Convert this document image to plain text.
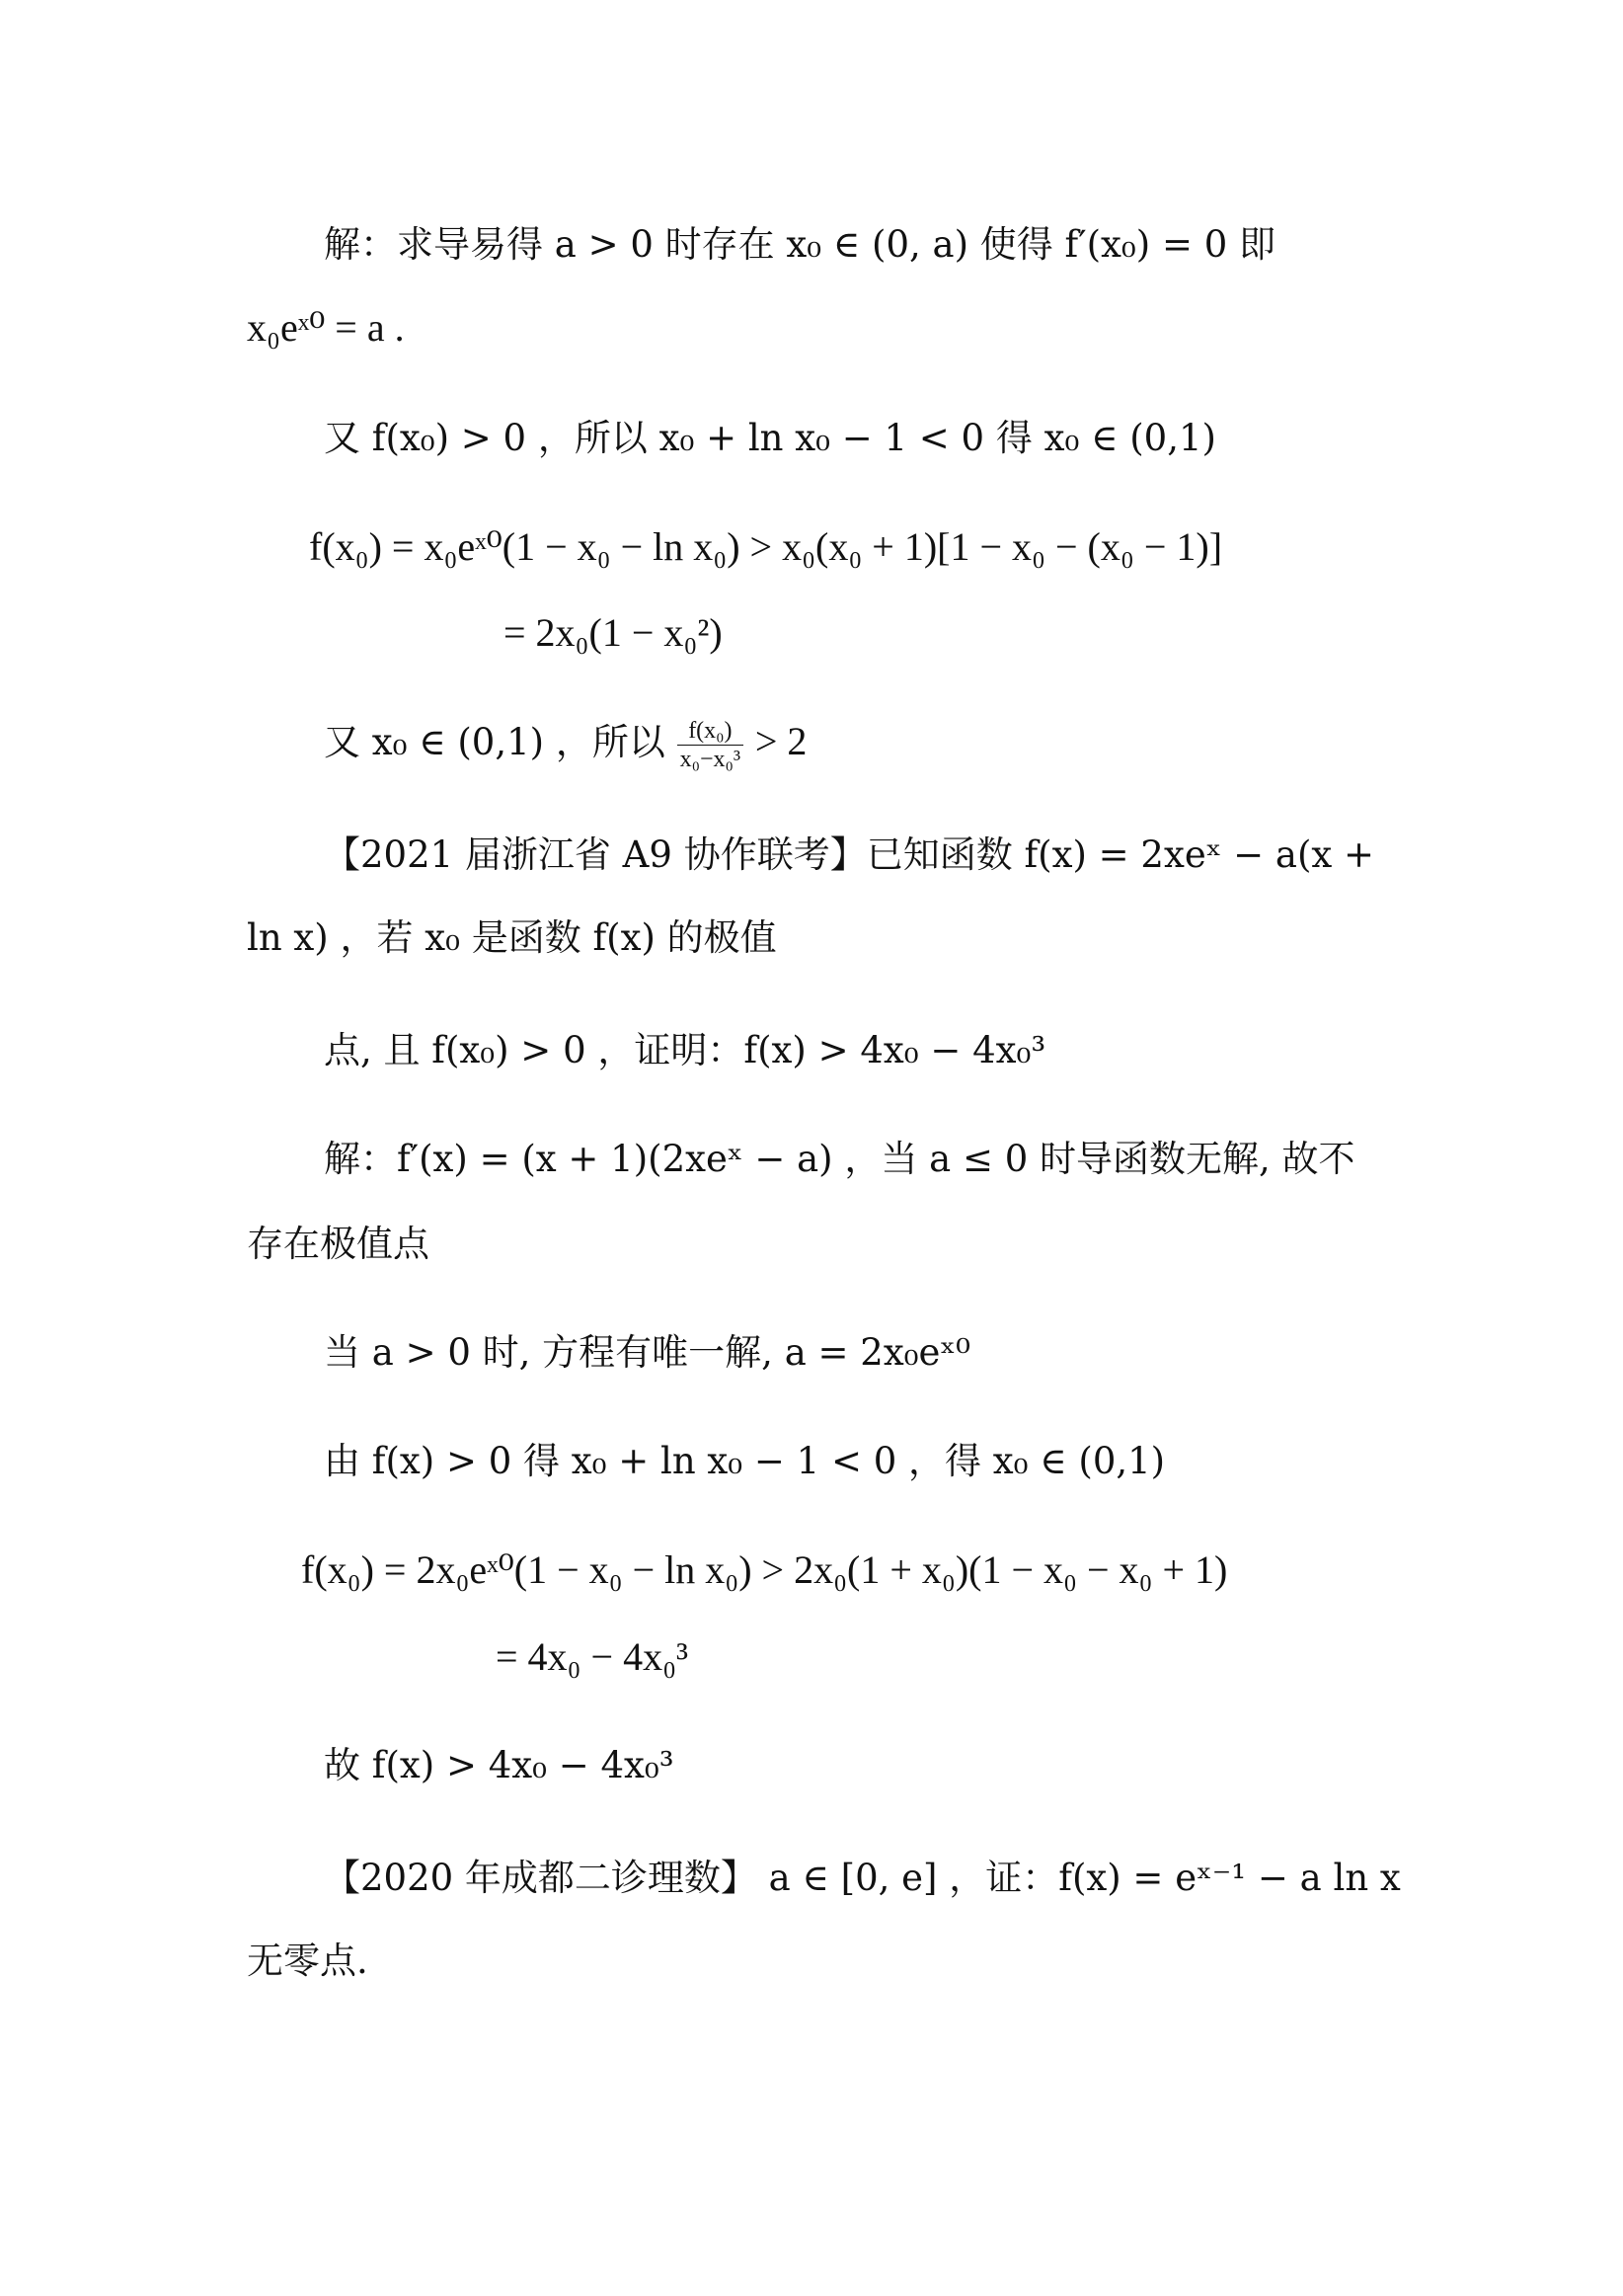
解：求导易得 a > 0 时存在 x₀ ∈ (0, a) 使得 f′(x₀) = 0 即
x₀eˣ⁰ = a .
又 f(x₀) > 0 ，所以 x₀ + ln x₀ − 1 < 0 得 x₀ ∈ (0,1)
f(x₀) = x₀eˣ⁰(1 − x₀ − ln x₀) > x₀(x₀ + 1)[1 − x₀ − (x₀ − 1)]
= 2x₀(1 − x₀²)
又 x₀ ∈ (0,1) ，所以 $\frac{\text{f(x₀)}}{\text{x₀−x₀³}} > 2$
【2021 届浙江省 A9 协作联考】已知函数 f(x) = 2xeˣ − a(x +
ln x) ，若 x₀ 是函数 f(x) 的极值
点, 且 f(x₀) > 0 ，证明：f(x) > 4x₀ − 4x₀³
解：f′(x) = (x + 1)(2xeˣ − a) ，当 a ≤ 0 时导函数无解, 故不
存在极值点
当 a > 0 时, 方程有唯一解, a = 2x₀eˣ⁰
由 f(x) > 0 得 x₀ + ln x₀ − 1 < 0 ，得 x₀ ∈ (0,1)
f(x₀) = 2x₀eˣ⁰(1 − x₀ − ln x₀) > 2x₀(1 + x₀)(1 − x₀ − x₀ + 1)
= 4x₀ − 4x₀³
故 f(x) > 4x₀ − 4x₀³
【2020 年成都二诊理数】 a ∈ [0, e] ，证：f(x) = eˣ⁻¹ − a ln x
无零点.
